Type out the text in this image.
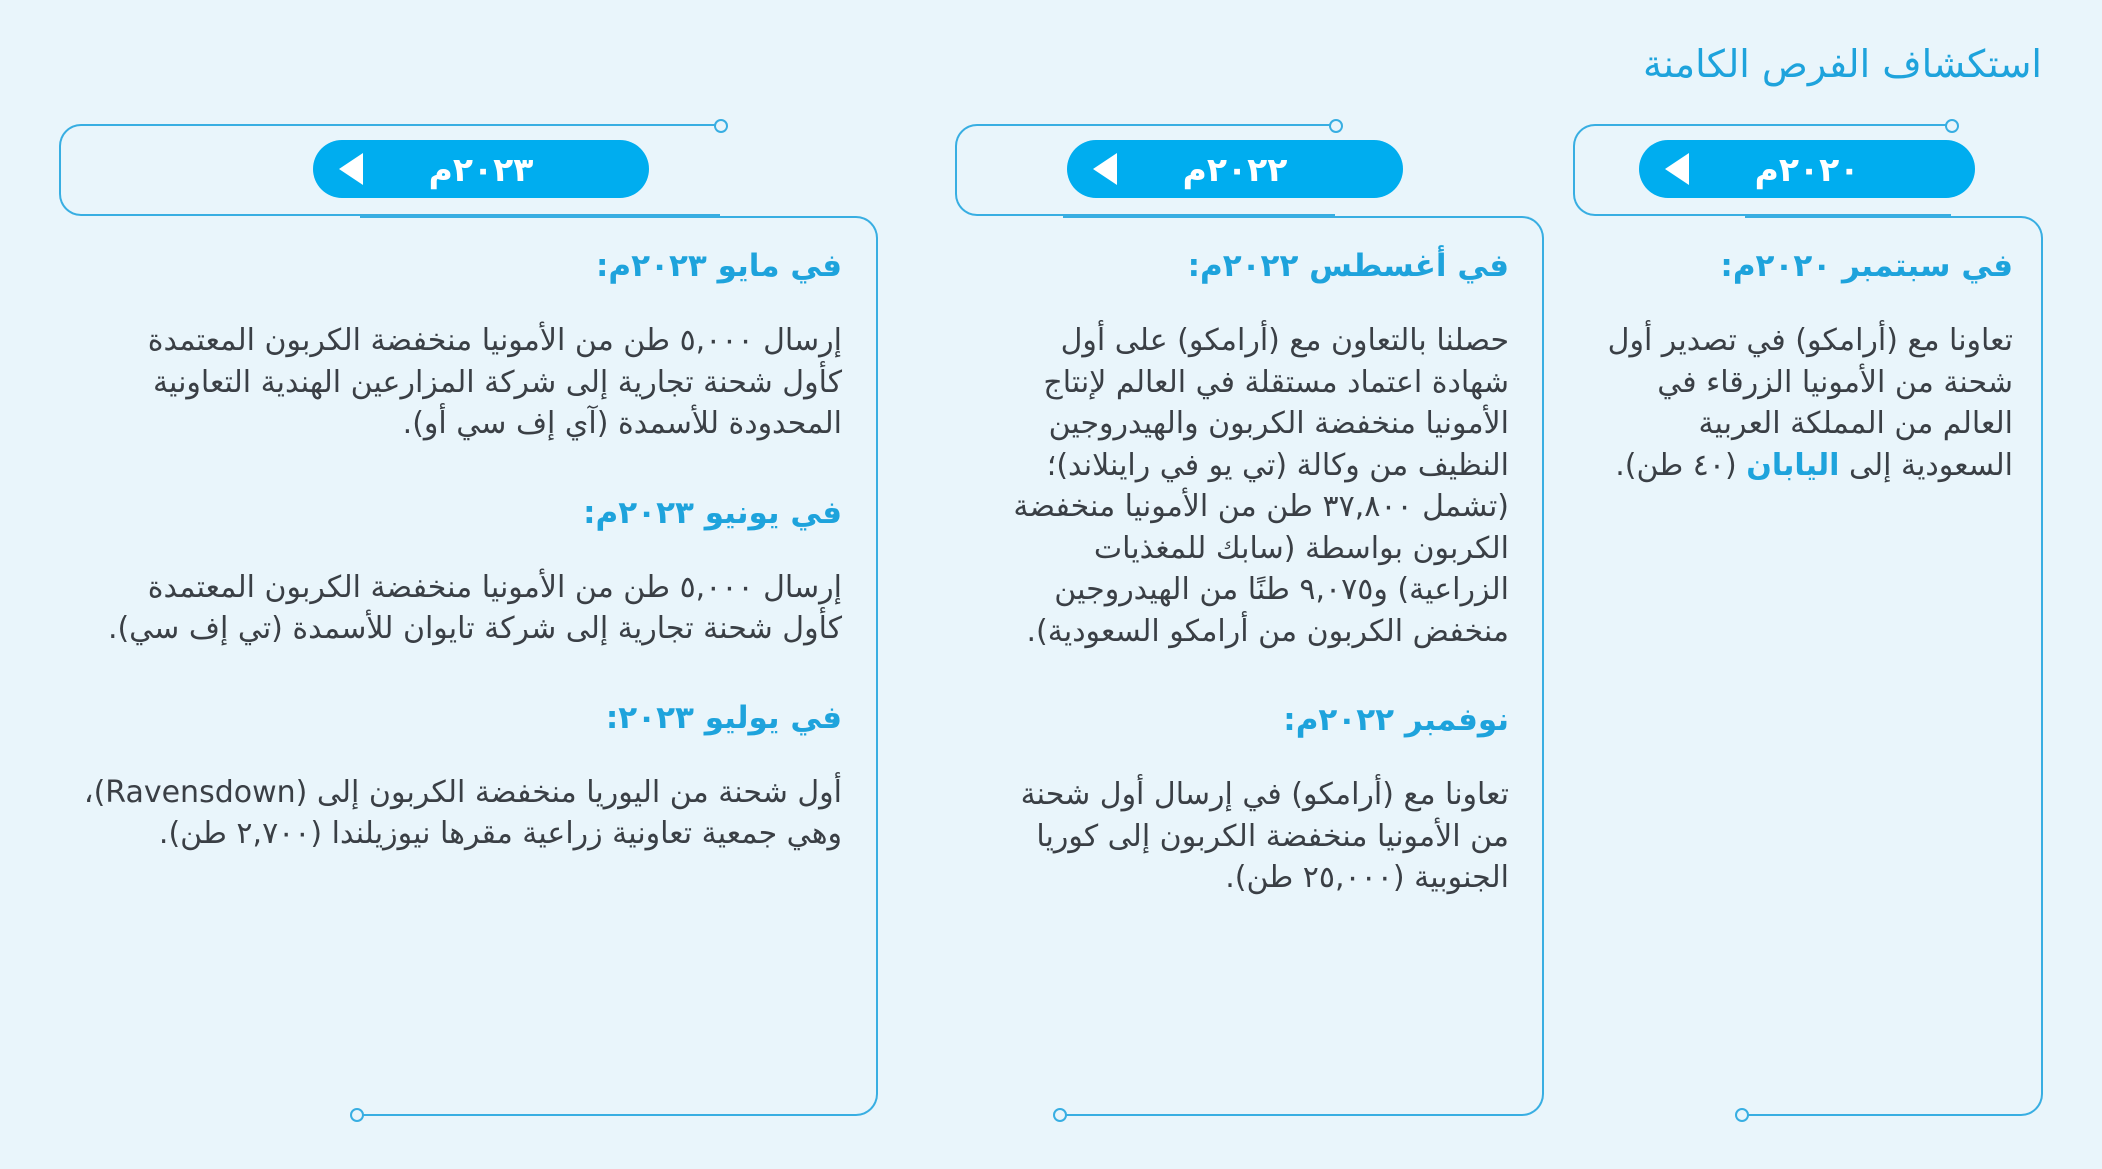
استكشاف الفرص الكامنة
٢٠٢٠م
في سبتمبر ٢٠٢٠م:
تعاونا مع (أرامكو) في تصدير أول شحنة من الأمونيا الزرقاء في العالم من المملكة العربية السعودية إلى اليابان (٤٠ طن).
٢٠٢٢م
في أغسطس ٢٠٢٢م:
حصلنا بالتعاون مع (أرامكو) على أول شهادة اعتماد مستقلة في العالم لإنتاج الأمونيا منخفضة الكربون والهيدروجين النظيف من وكالة (تي يو في راينلاند)؛ (تشمل ٣٧,٨٠٠ طن من الأمونيا منخفضة الكربون بواسطة (سابك للمغذيات الزراعية) و٩,٠٧٥ طنًا من الهيدروجين منخفض الكربون من أرامكو السعودية).
نوفمبر ٢٠٢٢م:
تعاونا مع (أرامكو) في إرسال أول شحنة من الأمونيا منخفضة الكربون إلى كوريا الجنوبية (٢٥,٠٠٠ طن).
٢٠٢٣م
في مايو ٢٠٢٣م:
إرسال ٥,٠٠٠ طن من الأمونيا منخفضة الكربون المعتمدة كأول شحنة تجارية إلى شركة المزارعين الهندية التعاونية المحدودة للأسمدة (آي إف سي أو).
في يونيو ٢٠٢٣م:
إرسال ٥,٠٠٠ طن من الأمونيا منخفضة الكربون المعتمدة كأول شحنة تجارية إلى شركة تايوان للأسمدة (تي إف سي).
في يوليو ٢٠٢٣:
أول شحنة من اليوريا منخفضة الكربون إلى (Ravensdown)، وهي جمعية تعاونية زراعية مقرها نيوزيلندا (٢,٧٠٠ طن).
